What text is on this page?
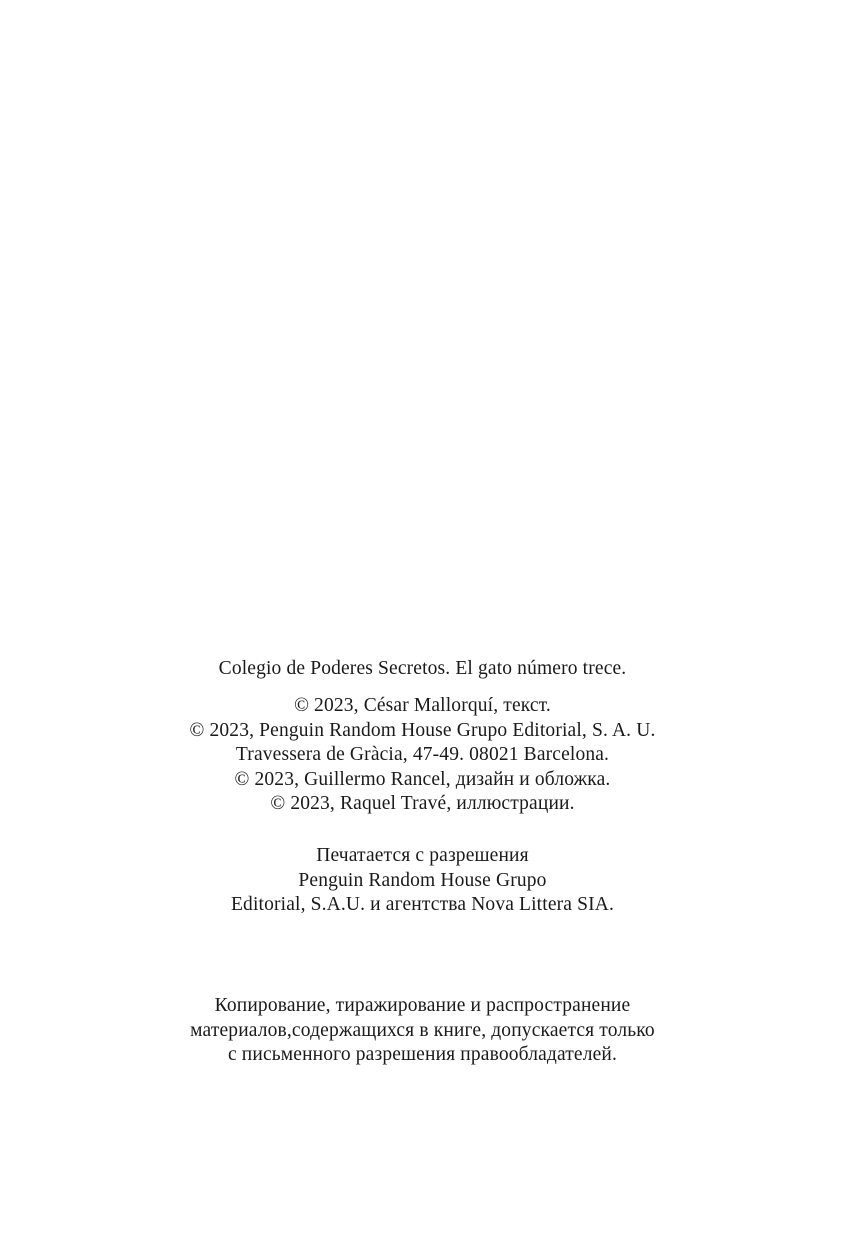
Colegio de Poderes Secretos. El gato número trece.
© 2023, César Mallorquí, текст.
© 2023, Penguin Random House Grupo Editorial, S. A. U.
Travessera de Gràcia, 47-49. 08021 Barcelona.
© 2023, Guillermo Rancel, дизайн и обложка.
© 2023, Raquel Travé, иллюстрации.
Печатается с разрешения
Penguin Random House Grupo
Editorial, S.A.U. и агентства Nova Littera SIA.
Копирование, тиражирование и распространение
материалов,содержащихся в книге, допускается только
с письменного разрешения правообладателей.
